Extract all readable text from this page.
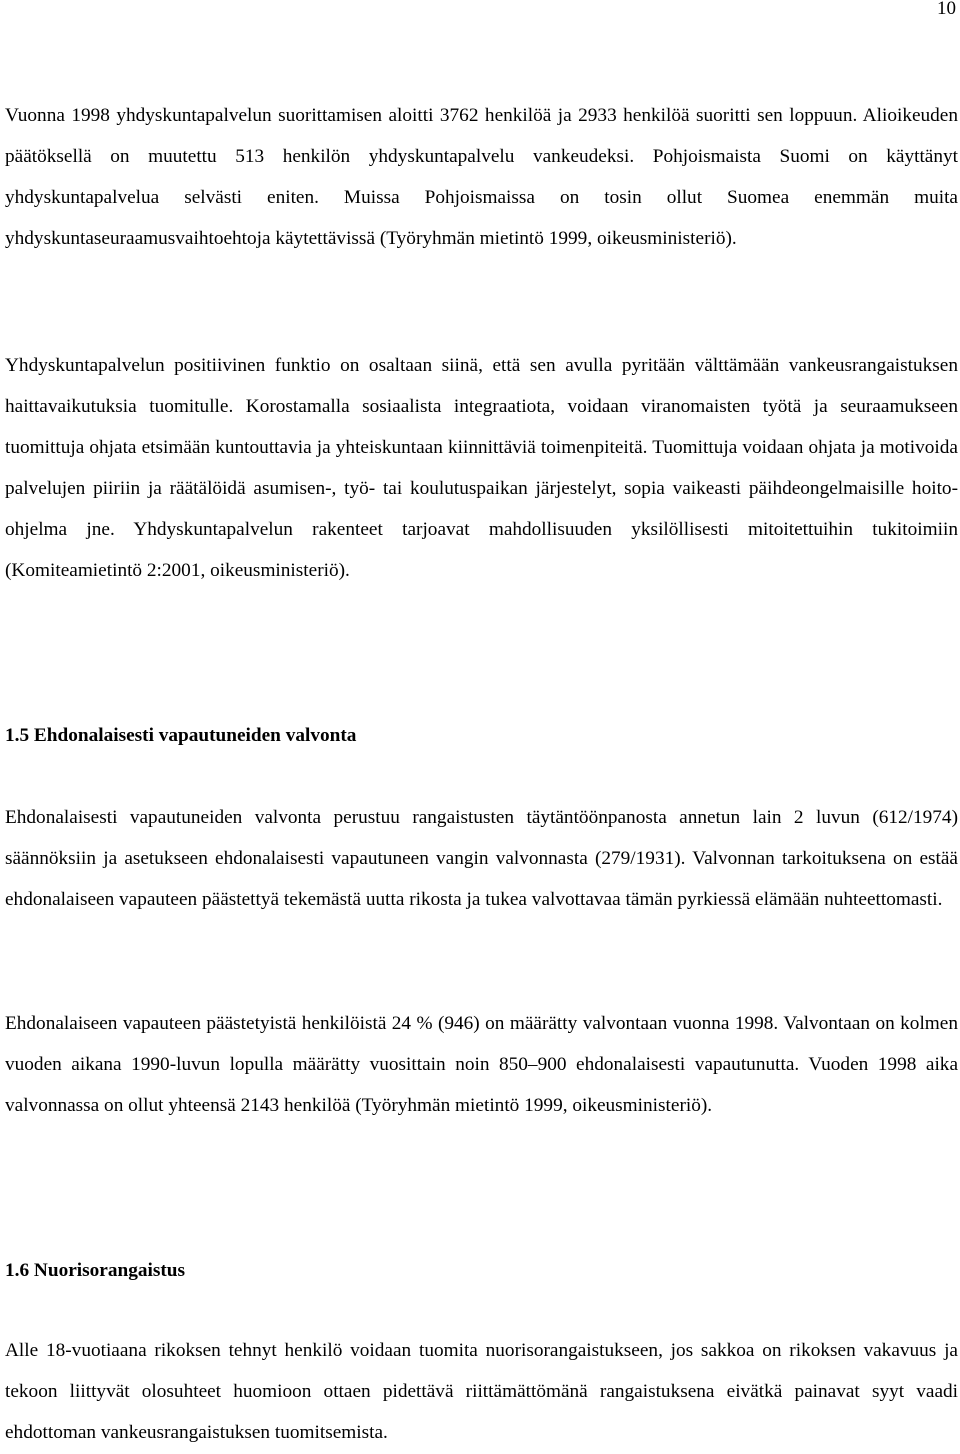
10

Vuonna 1998 yhdyskuntapalvelun suorittamisen aloitti 3762 henkilöä ja 2933 henkilöä suoritti sen loppuun. Alioikeuden päätöksellä on muutettu 513 henkilön yhdyskuntapalvelu vankeudeksi. Pohjoismaista Suomi on käyttänyt yhdyskuntapalvelua selvästi eniten. Muissa Pohjoismaissa on tosin ollut Suomea enemmän muita yhdyskuntaseuraamusvaihtoehtoja käytettävissä (Työryhmän mietintö 1999, oikeusministeriö).

Yhdyskuntapalvelun positiivinen funktio on osaltaan siinä, että sen avulla pyritään välttämään vankeusrangaistuksen haittavaikutuksia tuomitulle. Korostamalla sosiaalista integraatiota, voidaan viranomaisten työtä ja seuraamukseen tuomittuja ohjata etsimään kuntouttavia ja yhteiskuntaan kiinnittäviä toimenpiteitä. Tuomittuja voidaan ohjata ja motivoida palvelujen piiriin ja räätälöidä asumisen-, työ- tai koulutuspaikan järjestelyt, sopia vaikeasti päihdeongelmaisille hoito-ohjelma jne. Yhdyskuntapalvelun rakenteet tarjoavat mahdollisuuden yksilöllisesti mitoitettuihin tukitoimiin (Komiteamietintö 2:2001, oikeusministeriö).

1.5 Ehdonalaisesti vapautuneiden valvonta

Ehdonalaisesti vapautuneiden valvonta perustuu rangaistusten täytäntöönpanosta annetun lain 2 luvun (612/1974) säännöksiin ja asetukseen ehdonalaisesti vapautuneen vangin valvonnasta (279/1931). Valvonnan tarkoituksena on estää ehdonalaiseen vapauteen päästettyä tekemästä uutta rikosta ja tukea valvottavaa tämän pyrkiessä elämään nuhteettomasti.

Ehdonalaiseen vapauteen päästetyistä henkilöistä 24 % (946) on määrätty valvontaan vuonna 1998. Valvontaan on kolmen vuoden aikana 1990-luvun lopulla määrätty vuosittain noin 850–900 ehdonalaisesti vapautunutta. Vuoden 1998 aika valvonnassa on ollut yhteensä 2143 henkilöä (Työryhmän mietintö 1999, oikeusministeriö).

1.6 Nuorisorangaistus

Alle 18-vuotiaana rikoksen tehnyt henkilö voidaan tuomita nuorisorangaistukseen, jos sakkoa on rikoksen vakavuus ja tekoon liittyvät olosuhteet huomioon ottaen pidettävä riittämättömänä rangaistuksena eivätkä painavat syyt vaadi ehdottoman vankeusrangaistuksen tuomitsemista.
